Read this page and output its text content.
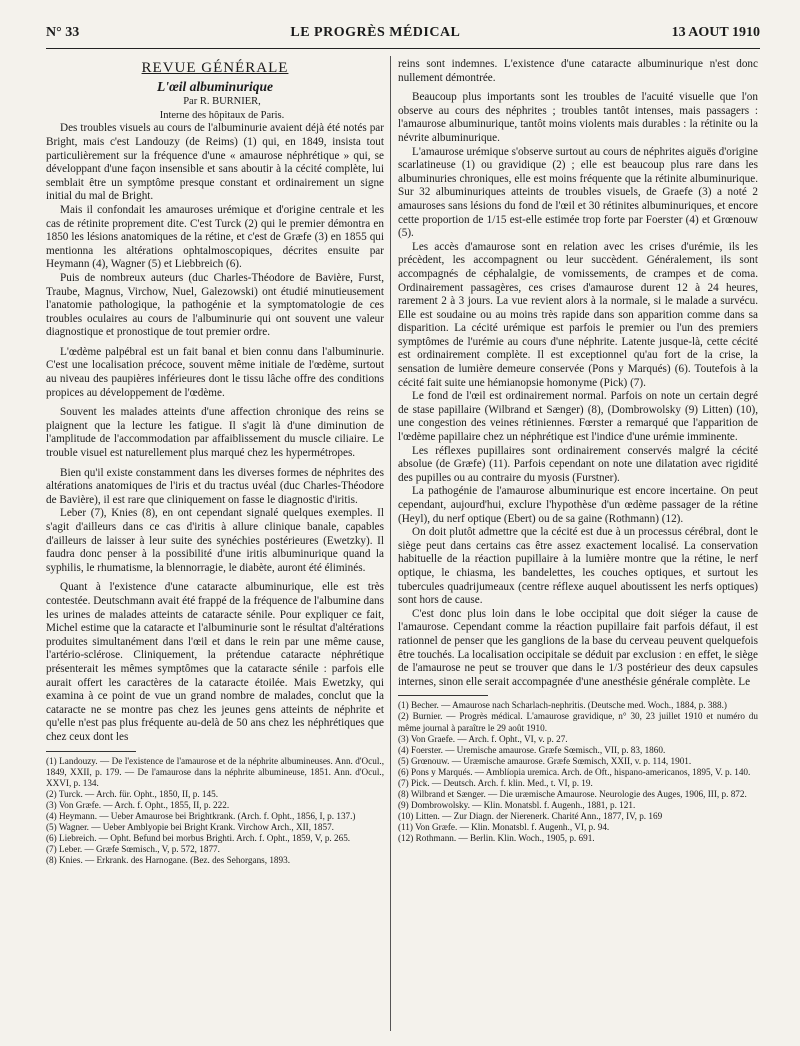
N° 33	LE PROGRÈS MÉDICAL	13 AOUT 1910
REVUE GÉNÉRALE
L'œil albuminurique

Par R. BURNIER,

Interne des hôpitaux de Paris.

Des troubles visuels au cours de l'albuminurie avaient déjà été notés par Bright, mais c'est Landouzy (de Reims) (1) qui, en 1849, insista tout particulièrement sur la fréquence d'une « amaurose néphrétique » qui, se développant d'une façon insensible et sans aboutir à la cécité complète, lui semblait être un symptôme presque constant et ordinairement un signe initial du mal de Bright.

Mais il confondait les amauroses urémique et d'origine centrale et les cas de rétinite proprement dite. C'est Turck (2) qui le premier démontra en 1850 les lésions anatomiques de la rétine, et c'est de Græfe (3) en 1855 qui mentionna les altérations ophtalmoscopiques, décrites ensuite par Heymann (4), Wagner (5) et Liebbreich (6).

Puis de nombreux auteurs (duc Charles-Théodore de Bavière, Furst, Traube, Magnus, Virchow, Nuel, Galezowski) ont étudié minutieusement l'anatomie pathologique, la pathogénie et la symptomatologie de ces troubles oculaires au cours de l'albuminurie qui ont souvent une valeur diagnostique et pronostique de tout premier ordre.

L'œdème palpébral est un fait banal et bien connu dans l'albuminurie. C'est une localisation précoce, souvent même initiale de l'œdème, surtout au niveau des paupières inférieures dont le tissu lâche offre des conditions propices au développement de l'œdème.

Souvent les malades atteints d'une affection chronique des reins se plaignent que la lecture les fatigue. Il s'agit là d'une diminution de l'amplitude de l'accommodation par affaiblissement du muscle ciliaire. Le trouble visuel est naturellement plus marqué chez les hypermétropes.

Bien qu'il existe constamment dans les diverses formes de néphrites des altérations anatomiques de l'iris et du tractus uvéal (duc Charles-Théodore de Bavière), il est rare que cliniquement on fasse le diagnostic d'iritis.

Leber (7), Knies (8), en ont cependant signalé quelques exemples. Il s'agit d'ailleurs dans ce cas d'iritis à allure clinique banale, capables d'ailleurs de laisser à leur suite des synéchies postérieures (Ewetzky). Il faudra donc penser à la possibilité d'une iritis albuminurique quand la syphilis, le rhumatisme, la blennorragie, le diabète, auront été éliminés.

Quant à l'existence d'une cataracte albuminurique, elle est très contestée. Deutschmann avait été frappé de la fréquence de l'albumine dans les urines de malades atteints de cataracte sénile. Pour expliquer ce fait, Michel estime que la cataracte et l'albuminurie sont le résultat d'altérations produites simultanément dans l'œil et dans le rein par une même cause, l'artério-sclérose. Cliniquement, la prétendue cataracte néphrétique présenterait les mêmes symptômes que la cataracte sénile : parfois elle aurait offert les caractères de la cataracte étoilée. Mais Ewetzky, qui examina à ce point de vue un grand nombre de malades, conclut que la cataracte ne se montre pas chez les jeunes gens atteints de néphrite et qu'elle n'est pas plus fréquente au-delà de 50 ans chez les néphrétiques que chez ceux dont les

(1) Landouzy. — De l'existence de l'amaurose et de la néphrite albumineuses. Ann. d'Ocul., 1849, XXII, p. 179. — De l'amaurose dans la néphrite albumineuse, 1851. Ann. d'Ocul., XXVI, p. 134.
(2) Turck. — Arch. für. Opht., 1850, II, p. 145.
(3) Von Græfe. — Arch. f. Opht., 1855, II, p. 222.
(4) Heymann. — Ueber Amaurose bei Brightkrank. (Arch. f. Opht., 1856, I, p. 137.)
(5) Wagner. — Ueber Amblyopie bei Bright Krank. Virchow Arch., XII, 1857.
(6) Liebreich. — Opht. Befund bei morbus Brighti. Arch. f. Opht., 1859, V, p. 265.
(7) Leber. — Græfe Sœmisch., V, p. 572, 1877.
(8) Knies. — Erkrank. des Harnogane. (Bez. des Sehorgans, 1893.

reins sont indemnes. L'existence d'une cataracte albuminurique n'est donc nullement démontrée.

Beaucoup plus importants sont les troubles de l'acuité visuelle que l'on observe au cours des néphrites ; troubles tantôt intenses, mais passagers : l'amaurose albuminurique, tantôt moins violents mais durables : la rétinite ou la névrite albuminurique.

L'amaurose urémique s'observe surtout au cours de néphrites aiguës d'origine scarlatineuse (1) ou gravidique (2) ; elle est beaucoup plus rare dans les albuminuries chroniques, elle est moins fréquente que la rétinite albuminurique. Sur 32 albuminuriques atteints de troubles visuels, de Graefe (3) a noté 2 amauroses sans lésions du fond de l'œil et 30 rétinites albuminuriques, et encore cette proportion de 1/15 est-elle estimée trop forte par Foerster (4) et Grœnouw (5).

Les accès d'amaurose sont en relation avec les crises d'urémie, ils les précèdent, les accompagnent ou leur succèdent. Généralement, ils sont accompagnés de céphalalgie, de vomissements, de crampes et de coma. Ordinairement passagères, ces crises d'amaurose durent 12 à 24 heures, rarement 2 à 3 jours. La vue revient alors à la normale, si le malade a survécu. Elle est soudaine ou au moins très rapide dans son apparition comme dans sa disparition. La cécité urémique est parfois le premier ou l'un des premiers symptômes de l'urémie au cours d'une néphrite. Latente jusque-là, cette cécité est ordinairement complète. Il est exceptionnel qu'au fort de la crise, la sensation de lumière demeure conservée (Pons y Marqués) (6). Toutefois à la cécité fait suite une hémianopsie homonyme (Pick) (7).

Le fond de l'œil est ordinairement normal. Parfois on note un certain degré de stase papillaire (Wilbrand et Sænger) (8), (Dombrowolsky (9) Litten) (10), une congestion des veines rétiniennes. Fœrster a remarqué que l'apparition de l'œdème papillaire chez un néphrétique est l'indice d'une urémie imminente.

Les réflexes pupillaires sont ordinairement conservés malgré la cécité absolue (de Græfe) (11). Parfois cependant on note une dilatation avec rigidité des pupilles ou au contraire du myosis (Furstner).

La pathogénie de l'amaurose albuminurique est encore incertaine. On peut cependant, aujourd'hui, exclure l'hypothèse d'un œdème passager de la rétine (Heyl), du nerf optique (Ebert) ou de sa gaine (Rothmann) (12).

On doit plutôt admettre que la cécité est due à un processus cérébral, dont le siège peut dans certains cas être assez exactement localisé. La conservation habituelle de la réaction pupillaire à la lumière montre que la rétine, le nerf optique, le chiasma, les bandelettes, les couches optiques, et surtout les tubercules quadrijumeaux (centre réflexe auquel aboutissent les nerfs optiques) sont hors de cause.

C'est donc plus loin dans le lobe occipital que doit siéger la cause de l'amaurose. Cependant comme la réaction pupillaire fait parfois défaut, il est rationnel de penser que les ganglions de la base du cerveau peuvent quelquefois être touchés. La localisation occipitale se déduit par exclusion : en effet, le siège de l'amaurose ne peut se trouver que dans le 1/3 postérieur des deux capsules internes, sinon elle serait accompagnée d'une anesthésie générale complète. Le

(1) Becher. — Amaurose nach Scharlach-nephritis. (Deutsche med. Woch., 1884, p. 388.)
(2) Burnier. — Progrès médical. L'amaurose gravidique, n° 30, 23 juillet 1910 et numéro du même journal à paraître le 29 août 1910.
(3) Von Graefe. — Arch. f. Opht., VI, v. p. 27.
(4) Foerster. — Uremische amaurose. Græfe Sœmisch., VII, p. 83, 1860.
(5) Grœnouw. — Uræmische amaurose. Græfe Sœmisch, XXII, v. p. 114, 1901.
(6) Pons y Marqués. — Amblíopia uremica. Arch. de Oft., hispano-americanos, 1895, V. p. 140.
(7) Pick. — Deutsch. Arch. f. klin. Med., t. VI, p. 19.
(8) Wilbrand et Sænger. — Die uræmische Amaurose. Neurologie des Auges, 1906, III, p. 872.
(9) Dombrowolsky. — Klin. Monatsbl. f. Augenh., 1881, p. 121.
(10) Litten. — Zur Diagn. der Nierenerk. Charité Ann., 1877, IV, p. 169
(11) Von Græfe. — Klin. Monatsbl. f. Augenh., VI, p. 94.
(12) Rothmann. — Berlin. Klin. Woch., 1905, p. 691.
